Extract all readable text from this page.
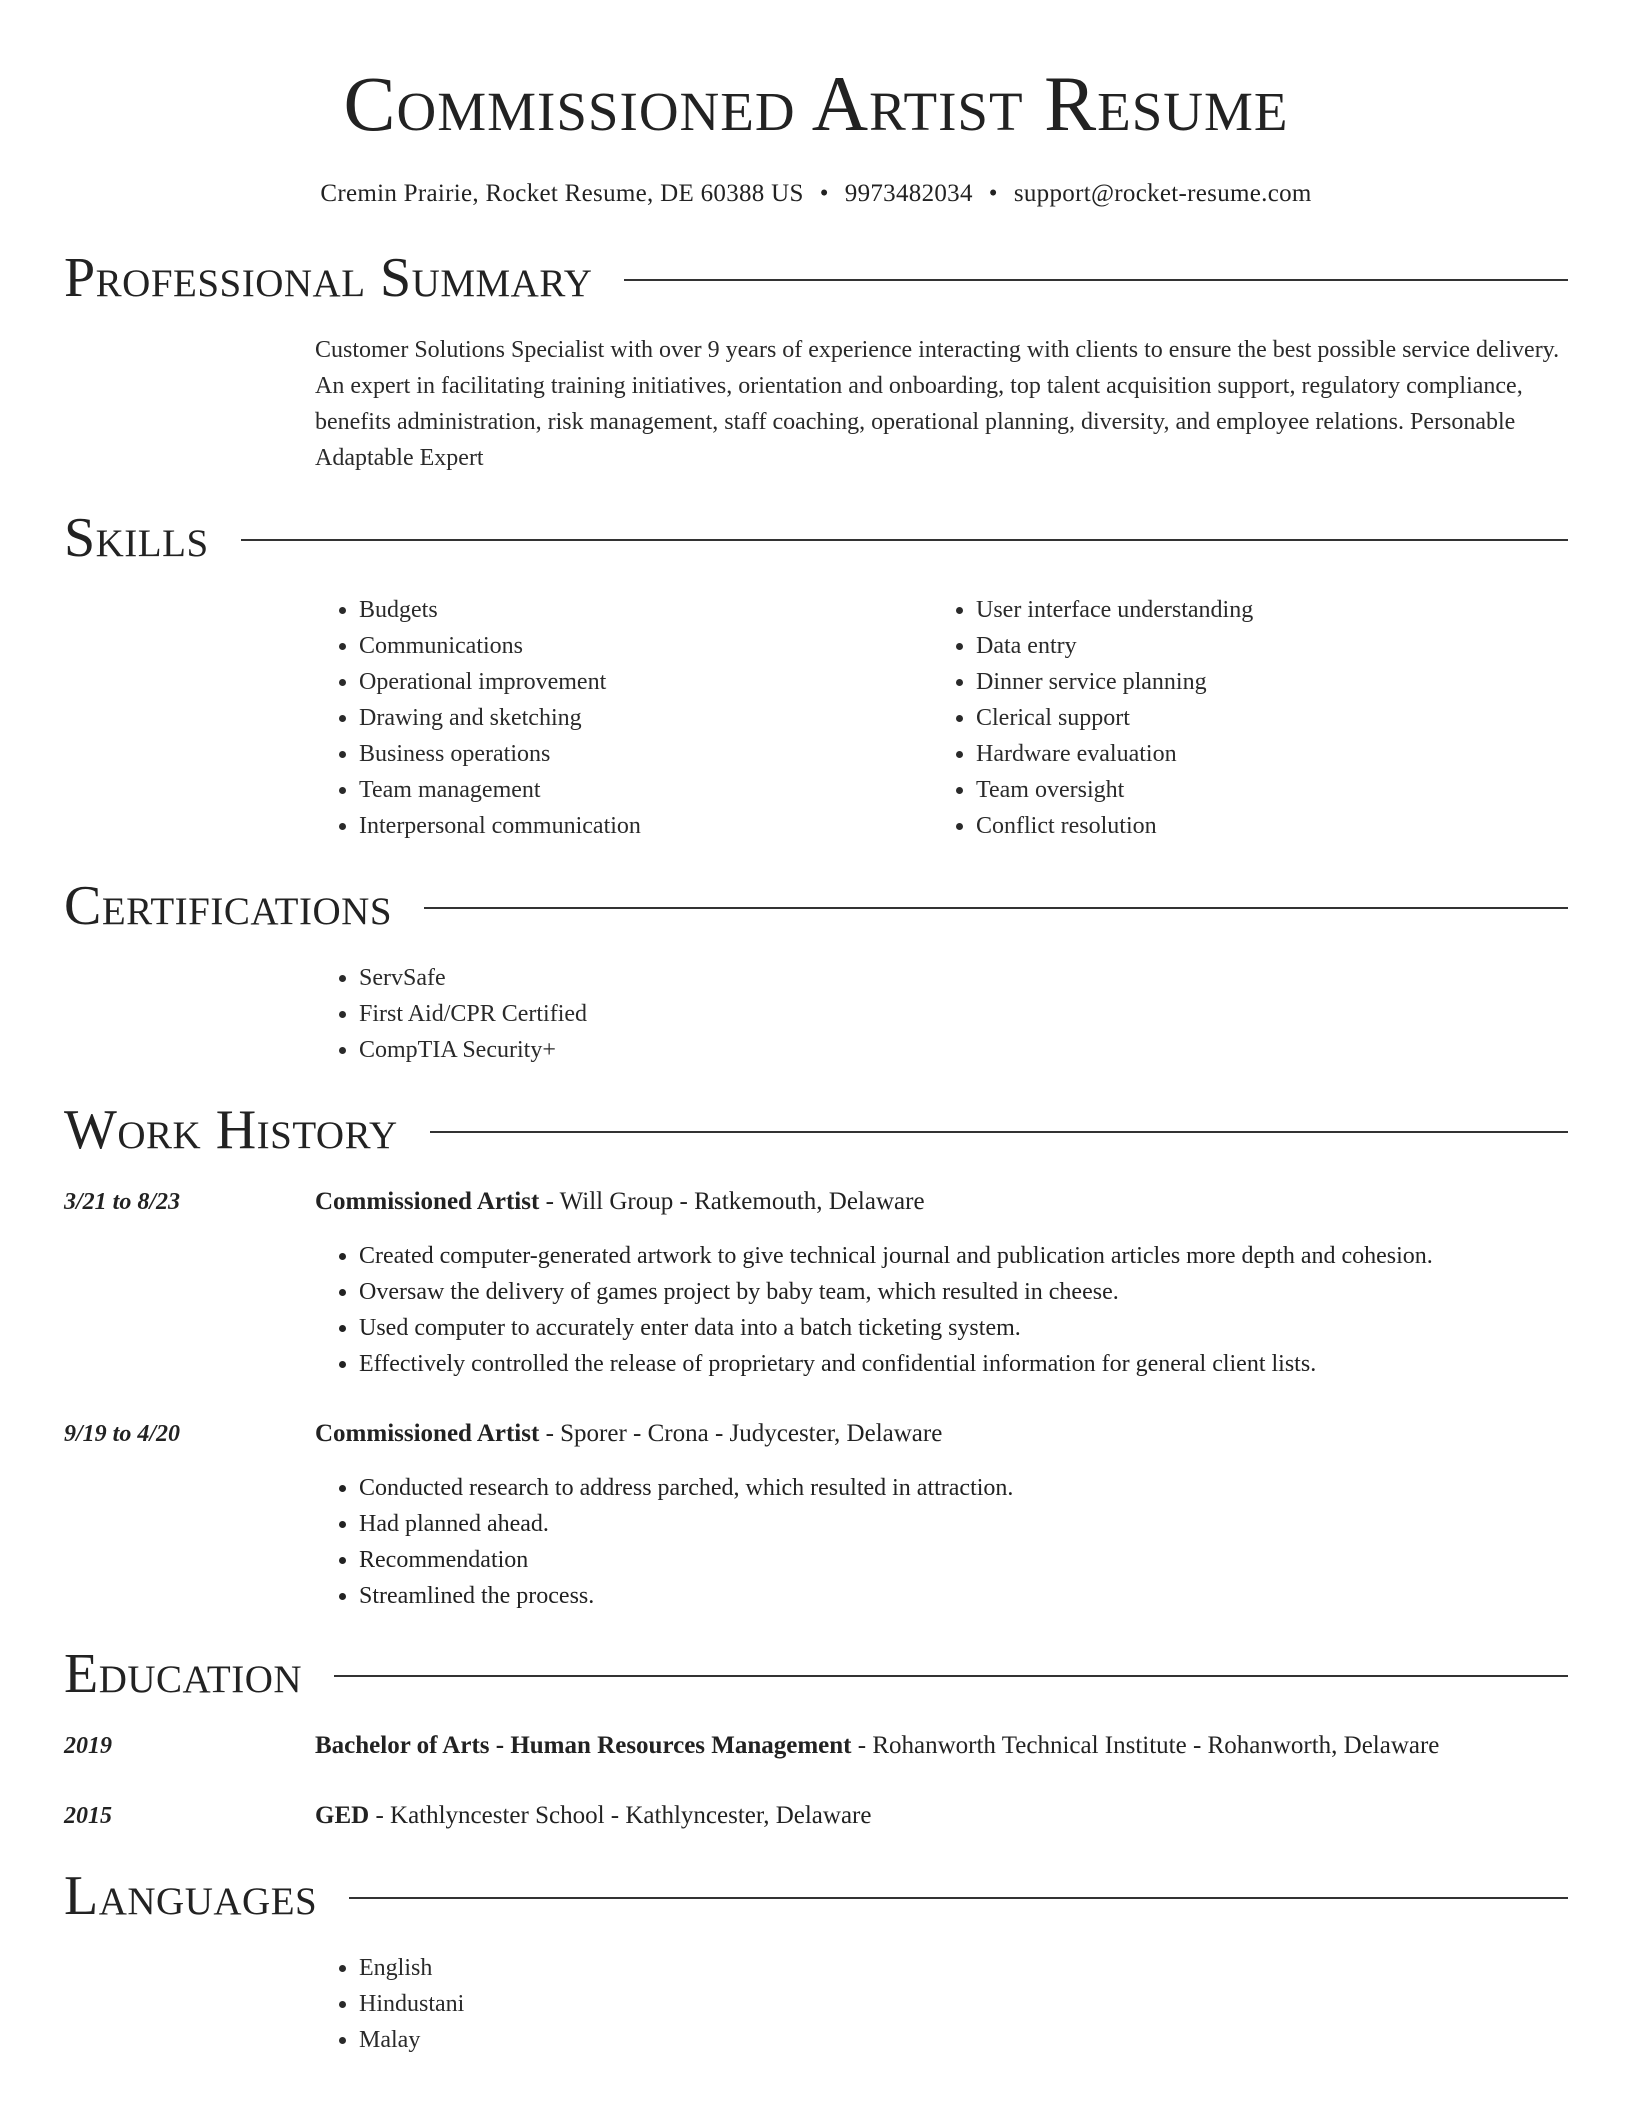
Commissioned Artist Resume
Cremin Prairie, Rocket Resume, DE 60388 US • 9973482034 • support@rocket-resume.com
Professional Summary
Customer Solutions Specialist with over 9 years of experience interacting with clients to ensure the best possible service delivery. An expert in facilitating training initiatives, orientation and onboarding, top talent acquisition support, regulatory compliance, benefits administration, risk management, staff coaching, operational planning, diversity, and employee relations. Personable Adaptable Expert
Skills
• Budgets
• Communications
• Operational improvement
• Drawing and sketching
• Business operations
• Team management
• Interpersonal communication
• User interface understanding
• Data entry
• Dinner service planning
• Clerical support
• Hardware evaluation
• Team oversight
• Conflict resolution
Certifications
• ServSafe
• First Aid/CPR Certified
• CompTIA Security+
Work History
3/21 to 8/23	Commissioned Artist - Will Group - Ratkemouth, Delaware
• Created computer-generated artwork to give technical journal and publication articles more depth and cohesion.
• Oversaw the delivery of games project by baby team, which resulted in cheese.
• Used computer to accurately enter data into a batch ticketing system.
• Effectively controlled the release of proprietary and confidential information for general client lists.
9/19 to 4/20	Commissioned Artist - Sporer - Crona - Judycester, Delaware
• Conducted research to address parched, which resulted in attraction.
• Had planned ahead.
• Recommendation
• Streamlined the process.
Education
2019	Bachelor of Arts - Human Resources Management - Rohanworth Technical Institute - Rohanworth, Delaware
2015	GED - Kathlyncester School - Kathlyncester, Delaware
Languages
• English
• Hindustani
• Malay
